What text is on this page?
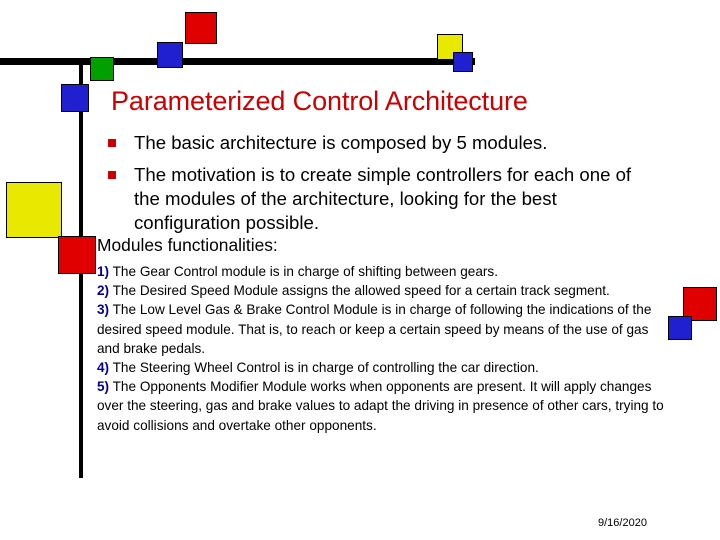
Parameterized Control Architecture
The basic architecture is composed by 5 modules.
The motivation is to create simple controllers for each one of the modules of the architecture, looking for the best configuration possible.
Modules functionalities:

1) The Gear Control module is in charge of shifting between gears.

2) The Desired Speed Module assigns the allowed speed for a certain track segment.

3) The Low Level Gas & Brake Control Module is in charge of following the indications of the desired speed module. That is, to reach or keep a certain speed by means of the use of gas and brake pedals.

4) The Steering Wheel Control is in charge of controlling the car direction.

5) The Opponents Modifier Module works when opponents are present. It will apply changes over the steering, gas and brake values to adapt the driving in presence of other cars, trying to avoid collisions and overtake other opponents.

9/16/2020
